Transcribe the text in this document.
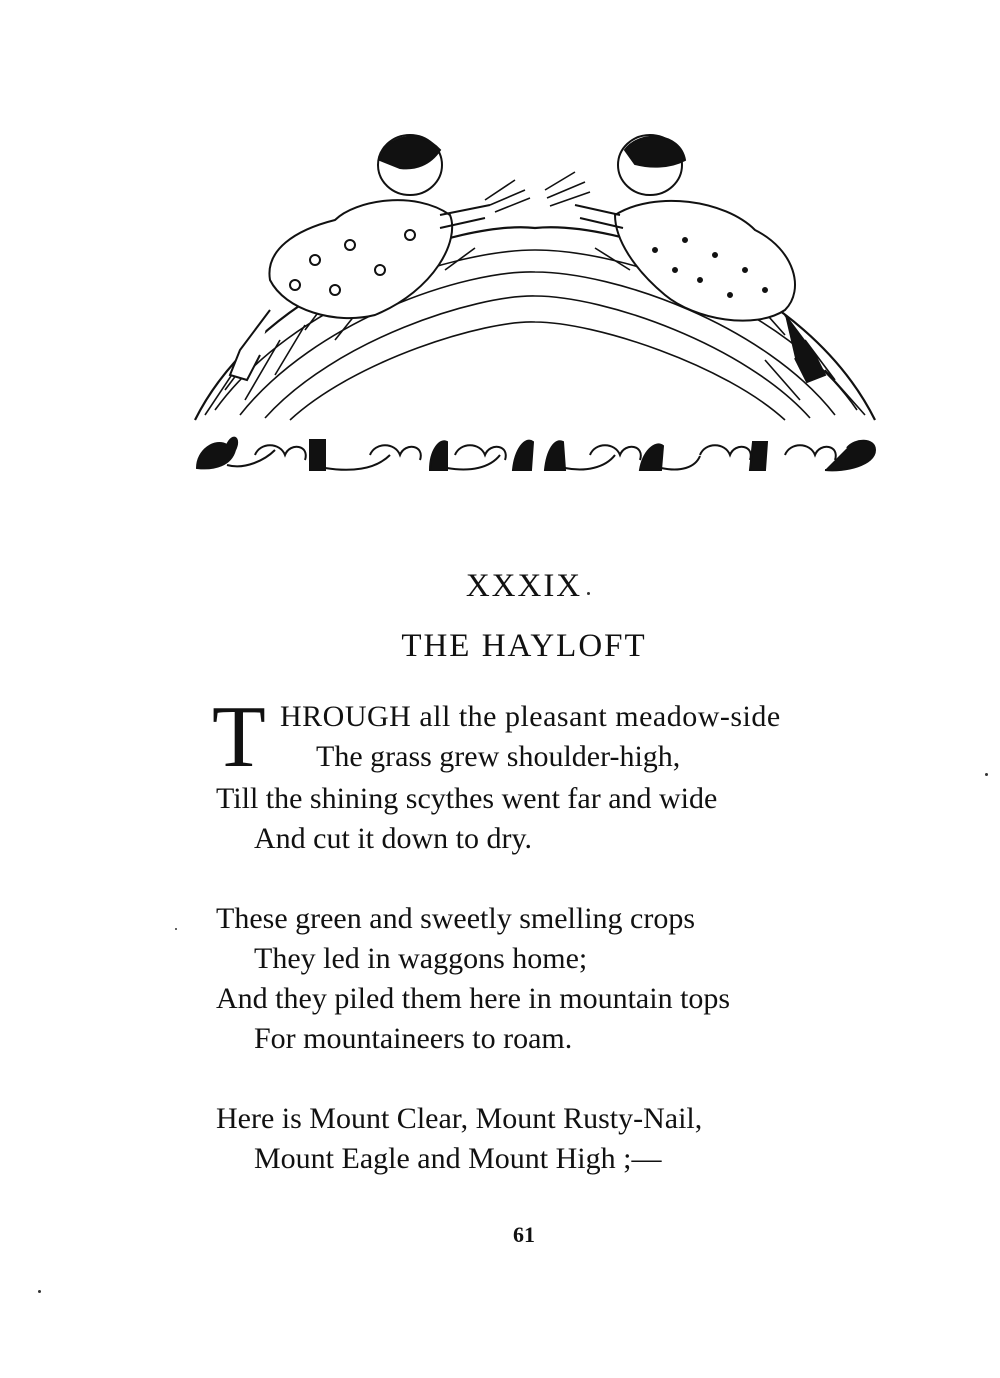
XXXIX
THE HAYLOFT
T HROUGH all the pleasant meadow-side
The grass grew shoulder-high,
Till the shining scythes went far and wide
And cut it down to dry.
These green and sweetly smelling crops
They led in waggons home;
And they piled them here in mountain tops
For mountaineers to roam.
Here is Mount Clear, Mount Rusty-Nail,
Mount Eagle and Mount High ;—
61
